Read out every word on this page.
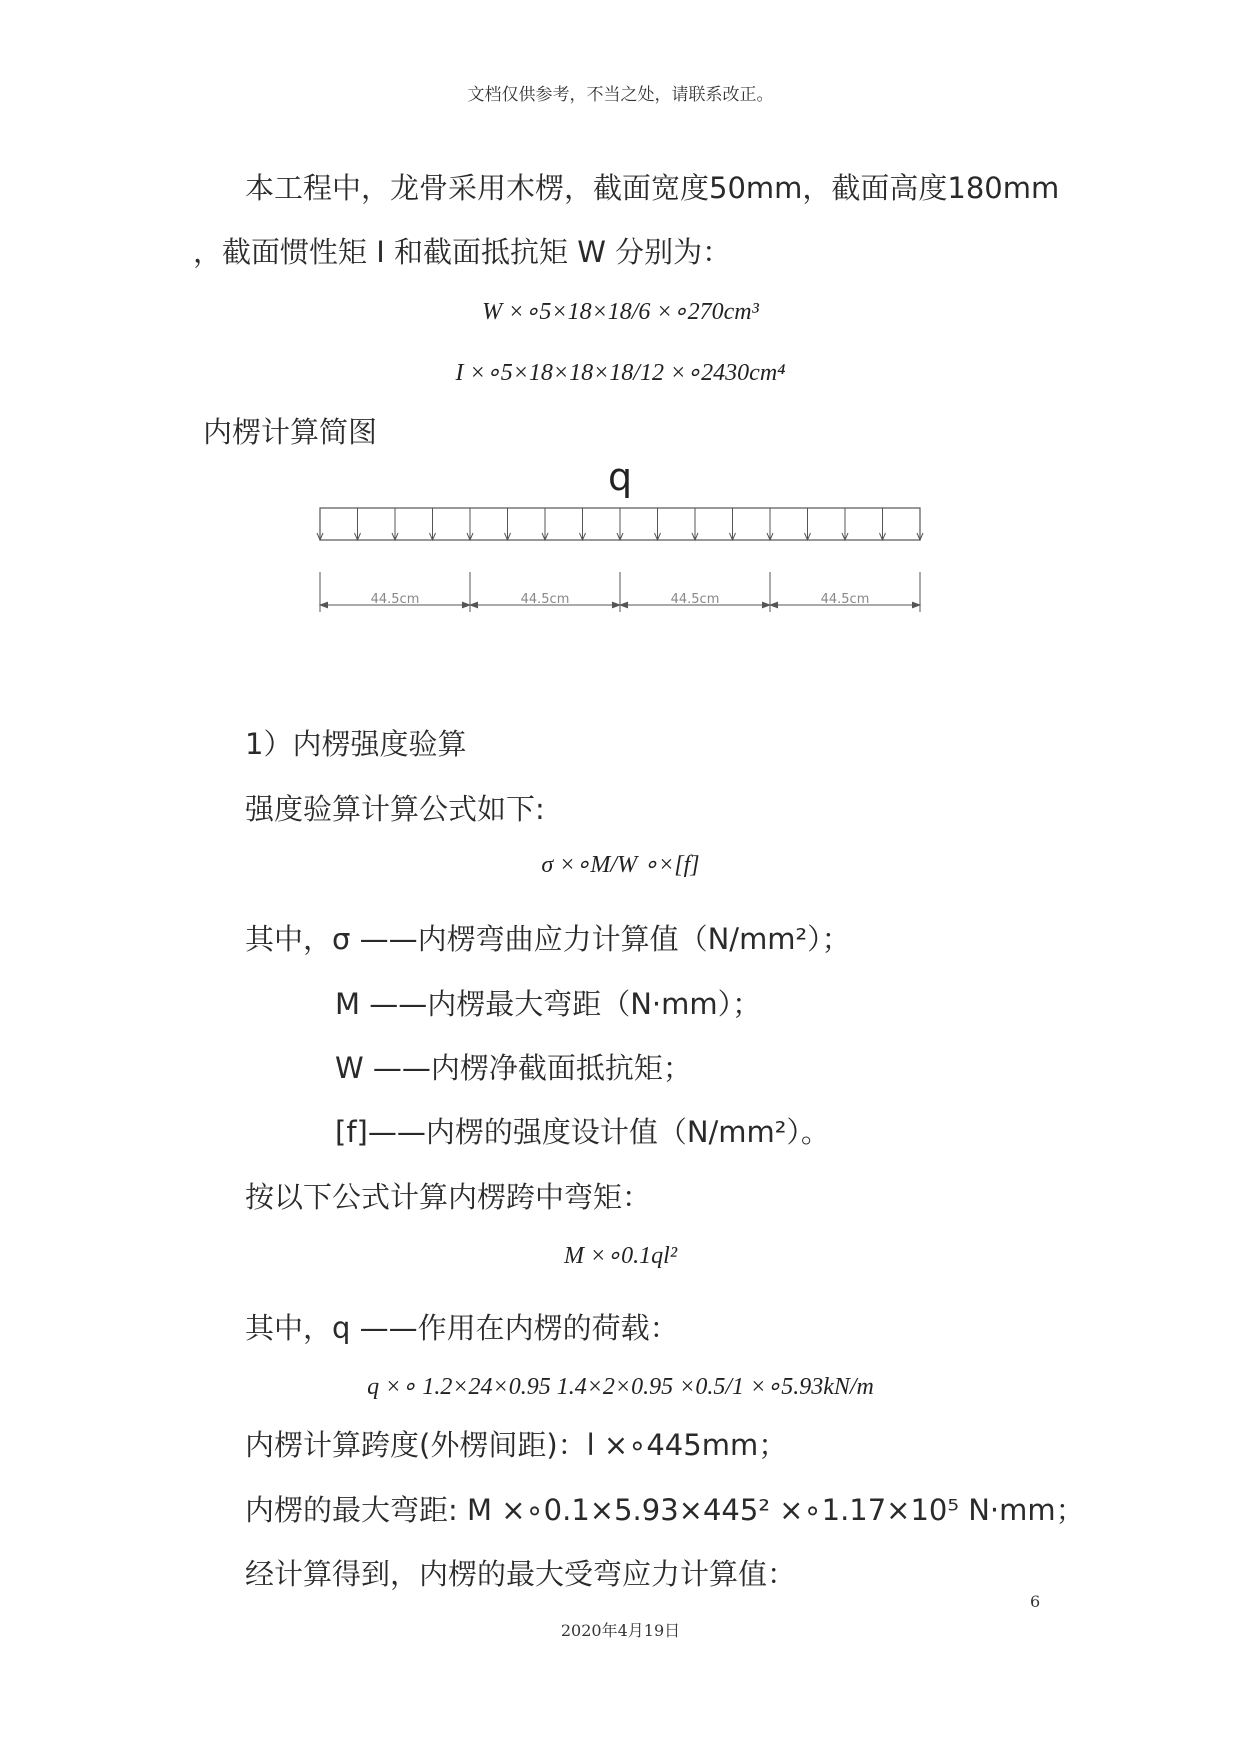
文档仅供参考，不当之处，请联系改正。
本工程中，龙骨采用木楞，截面宽度50mm，截面高度180mm
，截面惯性矩 I 和截面抵抗矩 W 分别为：
W ×∘5×18×18/6 ×∘270cm³
I ×∘5×18×18×18/12 ×∘2430cm⁴
内楞计算简图
q
44.5cm	44.5cm	44.5cm	44.5cm
1）内楞强度验算
强度验算计算公式如下:
σ ×∘M/W ∘×[f]
其中，σ ——内楞弯曲应力计算值（N/mm²）；
M ——内楞最大弯距（N·mm）；
W ——内楞净截面抵抗矩；
[f]——内楞的强度设计值（N/mm²）。
按以下公式计算内楞跨中弯矩：
M ×∘0.1ql²
其中，q ——作用在内楞的荷载：
q ×∘ 1.2×24×0.95 1.4×2×0.95 ×0.5/1 ×∘5.93kN/m
内楞计算跨度(外楞间距)：l ×∘445mm；
内楞的最大弯距: M ×∘0.1×5.93×445² ×∘1.17×10⁵ N·mm；
经计算得到，内楞的最大受弯应力计算值：
6
2020年4月19日
